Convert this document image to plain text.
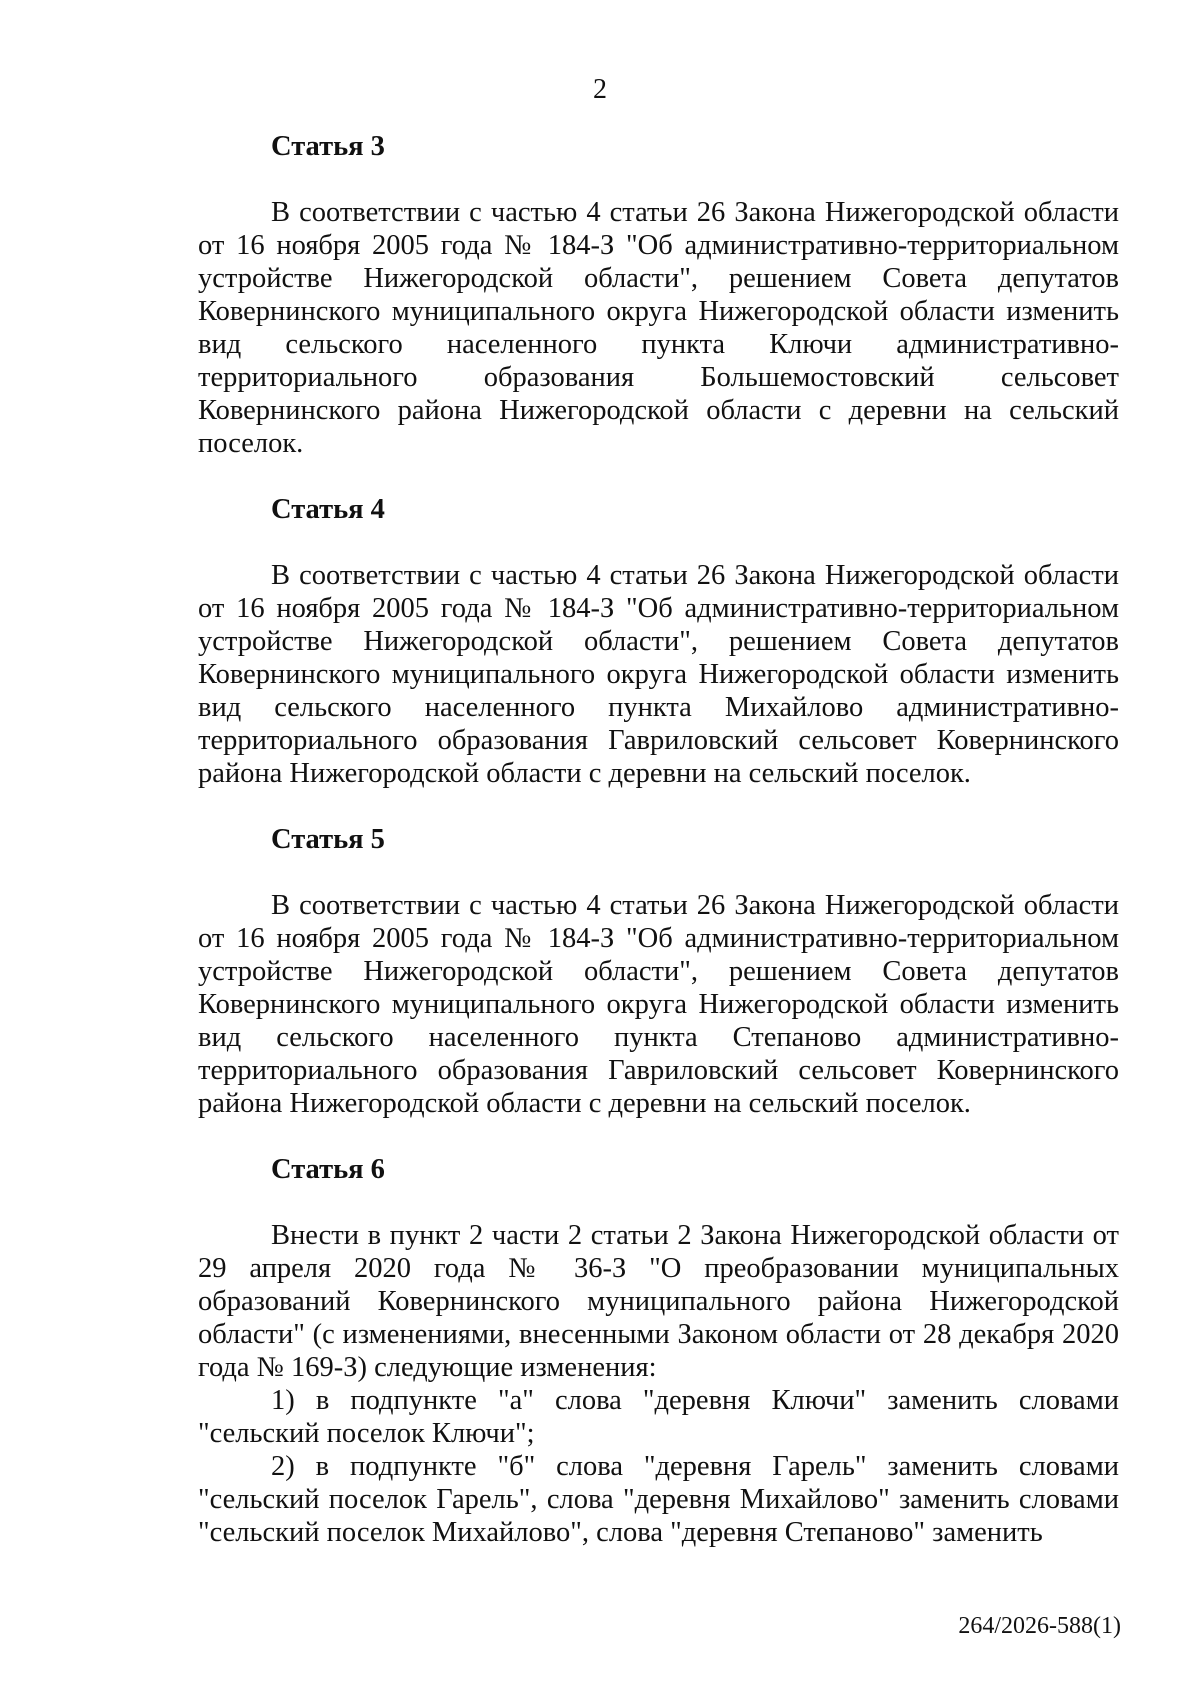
2

Статья 3

В соответствии с частью 4 статьи 26 Закона Нижегородской области от 16 ноября 2005 года № 184-З "Об административно-территориальном устройстве Нижегородской области", решением Совета депутатов Ковернинского муниципального округа Нижегородской области изменить вид сельского населенного пункта Ключи административно-территориального образования Большемостовский сельсовет Ковернинского района Нижегородской области с деревни на сельский поселок.

Статья 4

В соответствии с частью 4 статьи 26 Закона Нижегородской области от 16 ноября 2005 года № 184-З "Об административно-территориальном устройстве Нижегородской области", решением Совета депутатов Ковернинского муниципального округа Нижегородской области изменить вид сельского населенного пункта Михайлово административно-территориального образования Гавриловский сельсовет Ковернинского района Нижегородской области с деревни на сельский поселок.

Статья 5

В соответствии с частью 4 статьи 26 Закона Нижегородской области от 16 ноября 2005 года № 184-З "Об административно-территориальном устройстве Нижегородской области", решением Совета депутатов Ковернинского муниципального округа Нижегородской области изменить вид сельского населенного пункта Степаново административно-территориального образования Гавриловский сельсовет Ковернинского района Нижегородской области с деревни на сельский поселок.

Статья 6

Внести в пункт 2 части 2 статьи 2 Закона Нижегородской области от 29 апреля 2020 года № 36-З "О преобразовании муниципальных образований Ковернинского муниципального района Нижегородской области" (с изменениями, внесенными Законом области от 28 декабря 2020 года № 169-З) следующие изменения:

1) в подпункте "а" слова "деревня Ключи" заменить словами "сельский поселок Ключи";

2) в подпункте "б" слова "деревня Гарель" заменить словами "сельский поселок Гарель", слова "деревня Михайлово" заменить словами "сельский поселок Михайлово", слова "деревня Степаново" заменить

264/2026-588(1)
